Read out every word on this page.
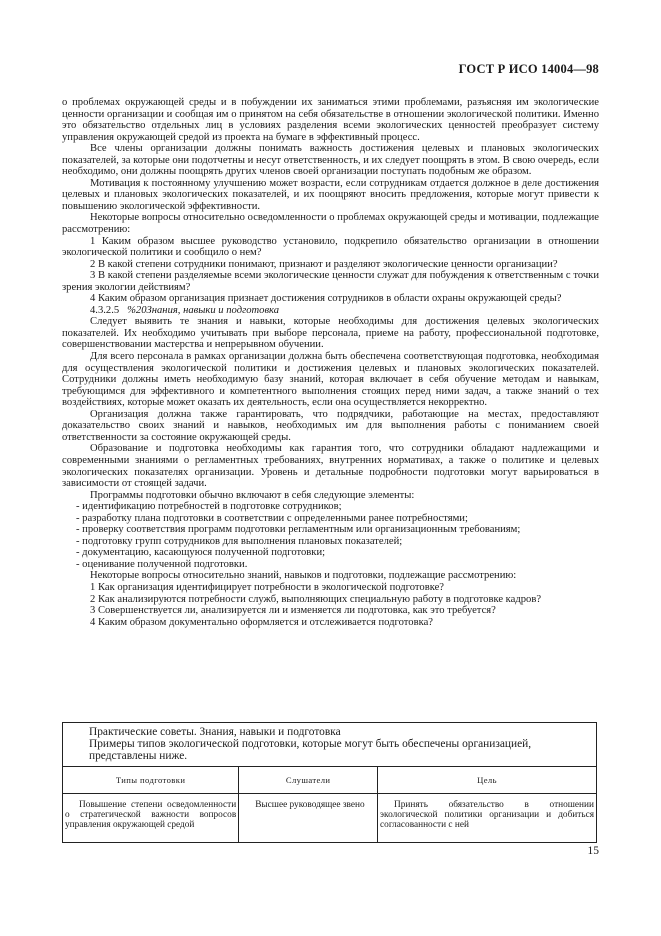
ГОСТ Р ИСО 14004—98

о проблемах окружающей среды и в побуждении их заниматься этими проблемами, разъясняя им экологические ценности организации и сообщая им о принятом на себя обязательстве в отношении экологической политики. Именно это обязательство отдельных лиц в условиях разделения всеми экологических ценностей преобразует систему управления окружающей средой из проекта на бумаге в эффективный процесс.

Все члены организации должны понимать важность достижения целевых и плановых экологических показателей, за которые они подотчетны и несут ответственность, и их следует поощрять в этом. В свою очередь, если необходимо, они должны поощрять других членов своей организации поступать подобным же образом.

Мотивация к постоянному улучшению может возрасти, если сотрудникам отдается должное в деле достижения целевых и плановых экологических показателей, и их поощряют вносить предложения, которые могут привести к повышению экологической эффективности.

Некоторые вопросы относительно осведомленности о проблемах окружающей среды и мотивации, подлежащие рассмотрению:

1 Каким образом высшее руководство установило, подкрепило обязательство организации в отношении экологической политики и сообщило о нем?

2 В какой степени сотрудники понимают, признают и разделяют экологические ценности организации?

3 В какой степени разделяемые всеми экологические ценности служат для побуждения к ответственным с точки зрения экологии действиям?

4 Каким образом организация признает достижения сотрудников в области охраны окружающей среды?

4.3.2.5 %20Знания, навыки и подготовка

Следует выявить те знания и навыки, которые необходимы для достижения целевых экологических показателей. Их необходимо учитывать при выборе персонала, приеме на работу, профессиональной подготовке, совершенствовании мастерства и непрерывном обучении.

Для всего персонала в рамках организации должна быть обеспечена соответствующая подготовка, необходимая для осуществления экологической политики и достижения целевых и плановых экологических показателей. Сотрудники должны иметь необходимую базу знаний, которая включает в себя обучение методам и навыкам, требующимся для эффективного и компетентного выполнения стоящих перед ними задач, а также знаний о тех воздействиях, которые может оказать их деятельность, если она осуществляется некорректно.

Организация должна также гарантировать, что подрядчики, работающие на местах, предоставляют доказательство своих знаний и навыков, необходимых им для выполнения работы с пониманием своей ответственности за состояние окружающей среды.

Образование и подготовка необходимы как гарантия того, что сотрудники обладают надлежащими и современными знаниями о регламентных требованиях, внутренних нормативах, а также о политике и целевых экологических показателях организации. Уровень и детальные подробности подготовки могут варьироваться в зависимости от стоящей задачи.

Программы подготовки обычно включают в себя следующие элементы:

- идентификацию потребностей в подготовке сотрудников;

- разработку плана подготовки в соответствии с определенными ранее потребностями;

- проверку соответствия программ подготовки регламентным или организационным требованиям;

- подготовку групп сотрудников для выполнения плановых показателей;

- документацию, касающуюся полученной подготовки;

- оценивание полученной подготовки.

Некоторые вопросы относительно знаний, навыков и подготовки, подлежащие рассмотрению:

1 Как организация идентифицирует потребности в экологической подготовке?

2 Как анализируются потребности служб, выполняющих специальную работу в подготовке кадров?

3 Совершенствуется ли, анализируется ли и изменяется ли подготовка, как это требуется?

4 Каким образом документально оформляется и отслеживается подготовка?

Практические советы. Знания, навыки и подготовка

Примеры типов экологической подготовки, которые могут быть обеспечены организацией, представлены ниже.

Типы подготовки	Слушатели	Цель
Повышение степени осведомленности о стратегической важности вопросов управления окружающей средой	Высшее руководящее звено	Принять обязательство в отношении экологической политики организации и добиться согласованности с ней
15
